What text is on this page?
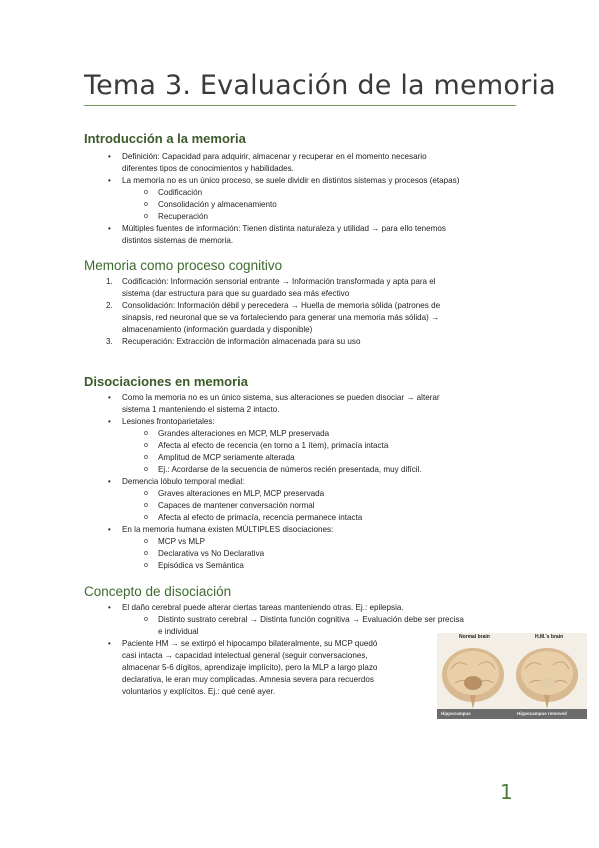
Tema 3. Evaluación de la memoria
Introducción a la memoria
• Definición: Capacidad para adquirir, almacenar y recuperar en el momento necesario
diferentes tipos de conocimientos y habilidades.
• La memoria no es un único proceso, se suele dividir en distintos sistemas y procesos (etapas)
o Codificación
o Consolidación y almacenamiento
o Recuperación
• Múltiples fuentes de información: Tienen distinta naturaleza y utilidad → para ello tenemos
distintos sistemas de memoria.
Memoria como proceso cognitivo
1. Codificación: Información sensorial entrante → Información transformada y apta para el
sistema (dar estructura para que su guardado sea más efectivo
2. Consolidación: Información débil y perecedera → Huella de memoria sólida (patrones de
sinapsis, red neuronal que se va fortaleciendo para generar una memoria más sólida) →
almacenamiento (información guardada y disponible)
3. Recuperación: Extracción de información almacenada para su uso
Disociaciones en memoria
• Como la memoria no es un único sistema, sus alteraciones se pueden disociar → alterar
sistema 1 manteniendo el sistema 2 intacto.
• Lesiones frontoparietales:
o Grandes alteraciones en MCP, MLP preservada
o Afecta al efecto de recencia (en torno a 1 ítem), primacía intacta
o Amplitud de MCP seriamente alterada
o Ej.: Acordarse de la secuencia de números recién presentada, muy difícil.
• Demencia lóbulo temporal medial:
o Graves alteraciones en MLP, MCP preservada
o Capaces de mantener conversación normal
o Afecta al efecto de primacía, recencia permanece intacta
• En la memoria humana existen MÚLTIPLES disociaciones:
o MCP vs MLP
o Declarativa vs No Declarativa
o Episódica vs Semántica
Concepto de disociación
• El daño cerebral puede alterar ciertas tareas manteniendo otras. Ej.: epilepsia.
o Distinto sustrato cerebral → Distinta función cognitiva → Evaluación debe ser precisa
e individual
• Paciente HM → se extirpó el hipocampo bilateralmente, su MCP quedó
casi intacta → capacidad intelectual general (seguir conversaciones,
almacenar 5-6 dígitos, aprendizaje implícito), pero la MLP a largo plazo
declarativa, le eran muy complicadas. Amnesia severa para recuerdos
voluntarios y explícitos. Ej.: qué cené ayer.
Normal brain	H.M.'s brain
Hippocampus	Hippocampus removed
1
